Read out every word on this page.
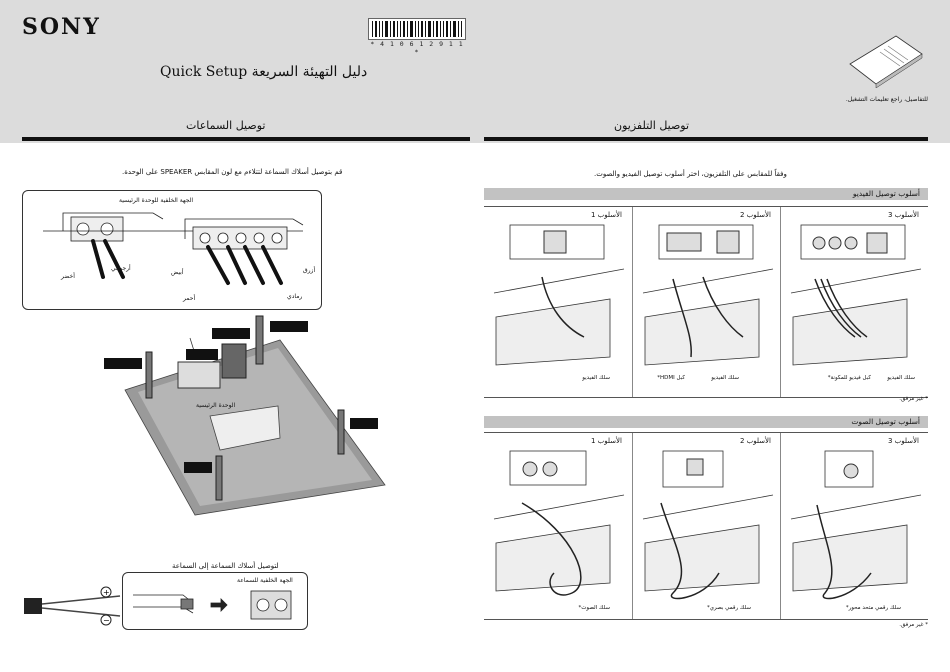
SONY
* 4 1 0 6 1 2 9 1 1 *
دليل التهيئة السريعة Quick Setup
للتفاصيل، راجع تعليمات التشغيل.
توصيل السماعات	توصيل التلفزيون
قم بتوصيل أسلاك السماعة لتتلاءم مع لون المقابس SPEAKER على الوحدة.
الجهة الخلفية للوحدة الرئيسية
أخضر
أرجواني
أبيض
أحمر
أزرق
رمادي
الوحدة الرئيسية
لتوصيل أسلاك السماعة إلى السماعة
الجهة الخلفية للسماعة
+
−
وفقاً للمقابس على التلفزيون، اختر أسلوب توصيل الفيديو والصوت.
أسلوب توصيل الفيديو
الأسلوب 1
سلك الفيديو
الأسلوب 2
سلك الفيديو
كبل HDMI*
الأسلوب 3
سلك الفيديو
كبل فيديو للمكونة*
* غير مرفق.
أسلوب توصيل الصوت
الأسلوب 1
سلك الصوت*
الأسلوب 2
سلك رقمي بصري*
الأسلوب 3
سلك رقمي متحد محور*
* غير مرفق.
